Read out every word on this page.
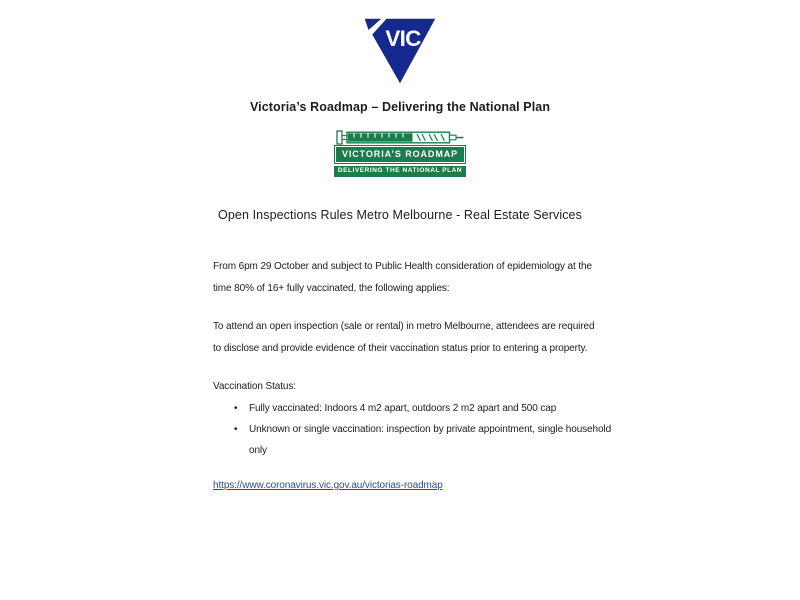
VIC
Victoria’s Roadmap – Delivering the National Plan
VICTORIA’S ROADMAP
DELIVERING THE NATIONAL PLAN
Open Inspections Rules Metro Melbourne - Real Estate Services
From 6pm 29 October and subject to Public Health consideration of epidemiology at the
time 80% of 16+ fully vaccinated, the following applies:
To attend an open inspection (sale or rental) in metro Melbourne, attendees are required
to disclose and provide evidence of their vaccination status prior to entering a property.
Vaccination Status:
•	Fully vaccinated: Indoors 4 m2 apart, outdoors 2 m2 apart and 500 cap
•	Unknown or single vaccination: inspection by private appointment, single household
only
https://www.coronavirus.vic.gov.au/victorias-roadmap
